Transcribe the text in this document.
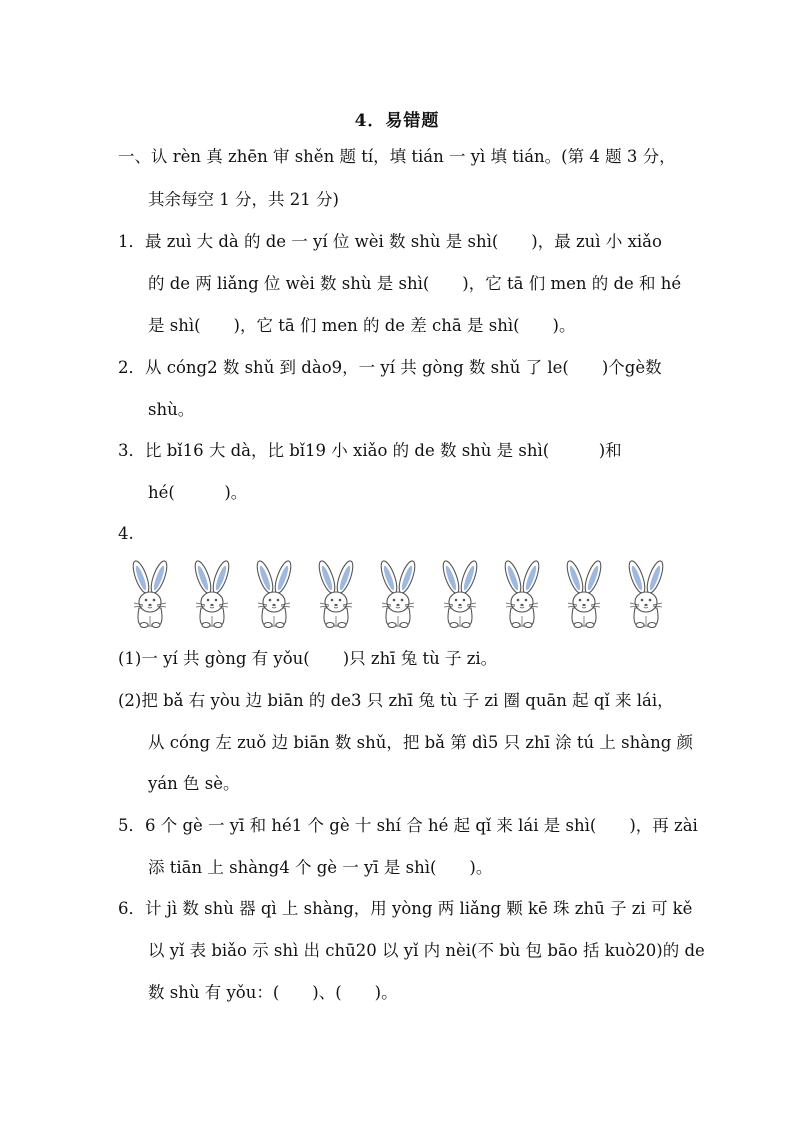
4．易错题
一、认 rèn 真 zhēn 审 shěn 题 tí，填 tián 一 yì 填 tián。(第 4 题 3 分，
其余每空 1 分，共 21 分)
1．最 zuì 大 dà 的 de 一 yí 位 wèi 数 shù 是 shì(　　)，最 zuì 小 xiǎo
的 de 两 liǎng 位 wèi 数 shù 是 shì(　　)，它 tā 们 men 的 de 和 hé
是 shì(　　)，它 tā 们 men 的 de 差 chā 是 shì(　　)。
2．从 cóng2 数 shǔ 到 dào9，一 yí 共 gòng 数 shǔ 了 le(　　)个gè数
shù。
3．比 bǐ16 大 dà，比 bǐ19 小 xiǎo 的 de 数 shù 是 shì(　　　)和
hé(　　　)。
4.
(1)一 yí 共 gòng 有 yǒu(　　)只 zhī 兔 tù 子 zi。
(2)把 bǎ 右 yòu 边 biān 的 de3 只 zhī 兔 tù 子 zi 圈 quān 起 qǐ 来 lái，
从 cóng 左 zuǒ 边 biān 数 shǔ，把 bǎ 第 dì5 只 zhī 涂 tú 上 shàng 颜
yán 色 sè。
5．6 个 gè 一 yī 和 hé1 个 gè 十 shí 合 hé 起 qǐ 来 lái 是 shì(　　)，再 zài
添 tiān 上 shàng4 个 gè 一 yī 是 shì(　　)。
6．计 jì 数 shù 器 qì 上 shàng，用 yòng 两 liǎng 颗 kē 珠 zhū 子 zi 可 kě
以 yǐ 表 biǎo 示 shì 出 chū20 以 yǐ 内 nèi(不 bù 包 bāo 括 kuò20)的 de
数 shù 有 yǒu：(　　)、(　　)。
